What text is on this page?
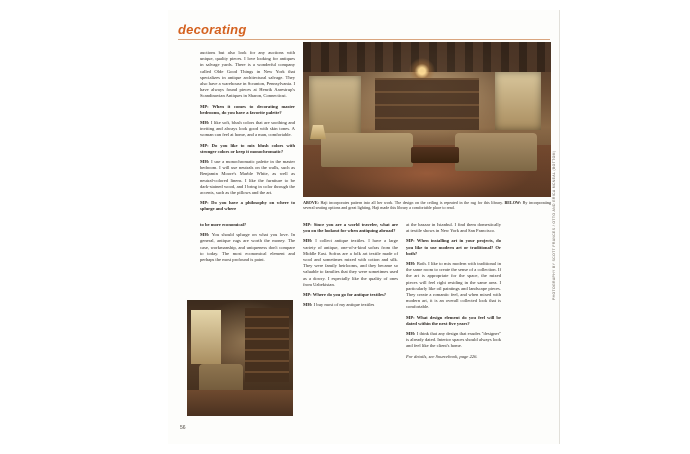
decorating
ABOVE: Haji incorporates pattern into all her work. The design on the ceiling is repeated in the rug for this library. BELOW: By incorporating several seating options and great lighting, Haji made this library a comfortable place to read.

auctions but also look for any auctions with unique, quality pieces. I love looking for antiques in salvage yards. There is a wonderful company called Olde Good Things in New York that specializes in antique architectural salvage. They also have a warehouse in Scranton, Pennsylvania. I have always found pieces at Henrik Aarestrup's Scandinavian Antiques in Sharon, Connecticut.

MP: When it comes to decorating master bedrooms, do you have a favorite palette?

MH: I like soft, blush colors that are soothing and inviting and always look good with skin tones. A woman can feel at home, and a man, comfortable.

MP: Do you like to mix blush colors with stronger colors or keep it monochromatic?

MH: I use a monochromatic palette in the master bedroom. I will use neutrals on the walls, such as Benjamin Moore's Marble White, as well as neutral-colored linens. I like the furniture to be dark-stained wood, and I bring in color through the accents, such as the pillows and the art.

MP: Do you have a philosophy on where to splurge and where

to be more economical?

MH: You should splurge on what you love. In general, antique rugs are worth the money. The case, workmanship, and uniqueness don't compare to today. The most economical element and perhaps the most profound is paint.

MP: Since you are a world traveler, what are you on the lookout for when antiquing abroad?

MH: I collect antique textiles. I have a large variety of antique, one-of-a-kind sofras from the Middle East. Sofras are a folk art textile made of wool and sometimes mixed with cotton and silk. They were family heirlooms, and they became so valuable to families that they were sometimes used as a dowry. I especially like the quality of ones from Uzbekistan.

MP: Where do you go for antique textiles?

MH: I buy most of my antique textiles

at the bazaar in Istanbul. I find them domestically at textile shows in New York and San Francisco.

MP: When installing art in your projects, do you like to use modern art or traditional? Or both?

MH: Both. I like to mix modern with traditional in the same room to create the sense of a collection. If the art is appropriate for the space, the mixed pieces will feel right residing in the same area. I particularly like oil paintings and landscape pieces. They create a romantic feel, and when mixed with modern art, it is an overall collected look that is comfortable.

MP: What design element do you feel will be dated within the next five years?

MH: I think that any design that exudes "designer" is already dated. Interior spaces should always look and feel like the client's home.

For details, see Sourcebook, page 226.

PHOTOGRAPHY BY SCOTT FRANCES / OTTO AND ERICA MCNEAL (BOTTOM)
56
